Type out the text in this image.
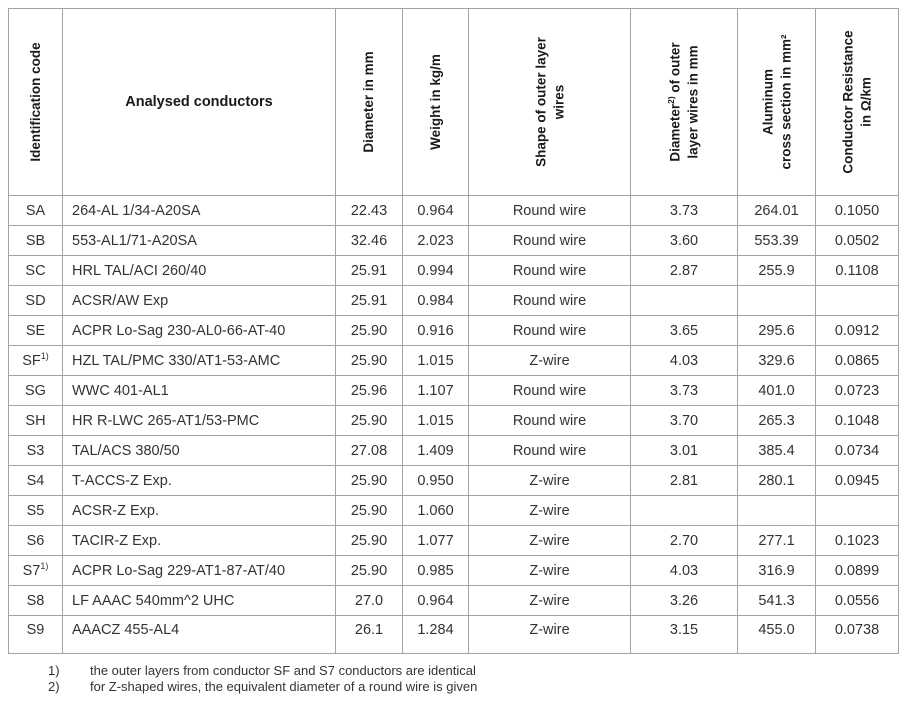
Identification code	Analysed conductors	Diameter in mm	Weight in kg/m	Shape of outer layer wires	Diameter$^{2)}$ of outer layer wires in mm	Aluminum cross section in mm²	Conductor Resistance in Ω/km

SA	264-AL 1/34-A20SA	22.43	0.964	Round wire	3.73	264.01	0.1050
SB	553-AL1/71-A20SA	32.46	2.023	Round wire	3.60	553.39	0.0502
SC	HRL TAL/ACI 260/40	25.91	0.994	Round wire	2.87	255.9	0.1108
SD	ACSR/AW Exp	25.91	0.984	Round wire			
SE	ACPR Lo-Sag 230-AL0-66-AT-40	25.90	0.916	Round wire	3.65	295.6	0.0912
SF$^{1)}$	HZL TAL/PMC 330/AT1-53-AMC	25.90	1.015	Z-wire	4.03	329.6	0.0865
SG	WWC 401-AL1	25.96	1.107	Round wire	3.73	401.0	0.0723
SH	HR R-LWC 265-AT1/53-PMC	25.90	1.015	Round wire	3.70	265.3	0.1048
S3	TAL/ACS 380/50	27.08	1.409	Round wire	3.01	385.4	0.0734
S4	T-ACCS-Z Exp.	25.90	0.950	Z-wire	2.81	280.1	0.0945
S5	ACSR-Z Exp.	25.90	1.060	Z-wire			
S6	TACIR-Z Exp.	25.90	1.077	Z-wire	2.70	277.1	0.1023
S7$^{1)}$	ACPR Lo-Sag 229-AT1-87-AT/40	25.90	0.985	Z-wire	4.03	316.9	0.0899
S8	LF AAAC 540mm^2 UHC	27.0	0.964	Z-wire	3.26	541.3	0.0556
S9	AAACZ 455-AL4	26.1	1.284	Z-wire	3.15	455.0	0.0738
1)	the outer layers from conductor SF and S7 conductors are identical
2)	for Z-shaped wires, the equivalent diameter of a round wire is given
